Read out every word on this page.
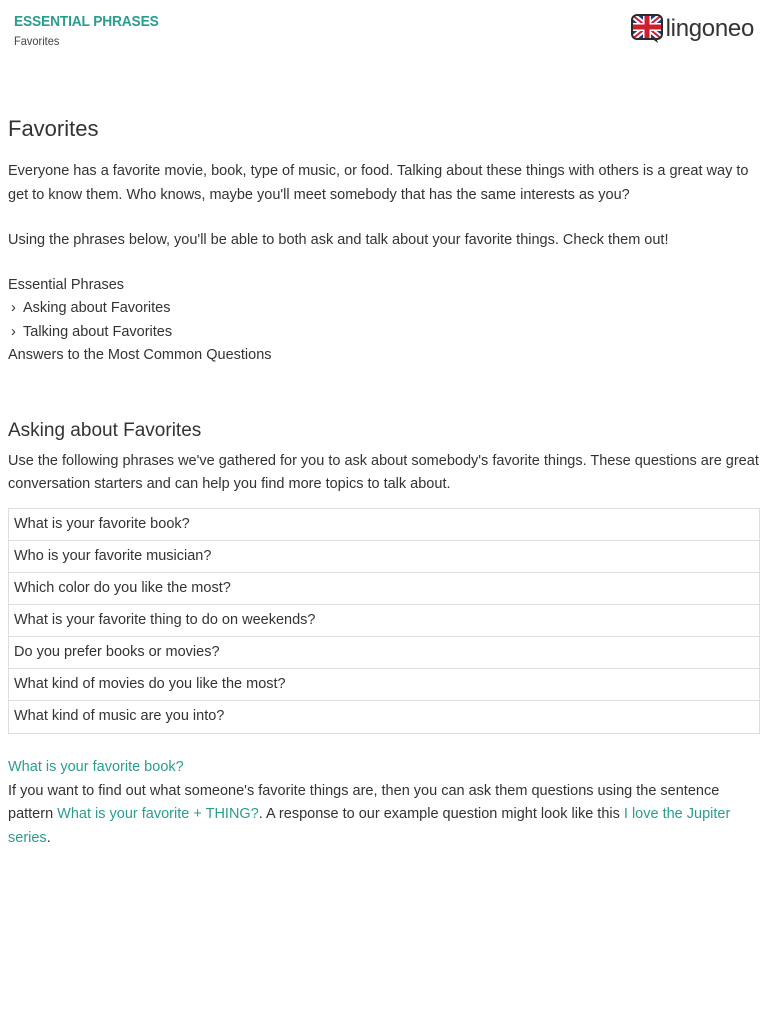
ESSENTIAL PHRASES
Favorites	lingoneo
Favorites

Everyone has a favorite movie, book, type of music, or food. Talking about these things with others is a great way to get to know them. Who knows, maybe you'll meet somebody that has the same interests as you?

Using the phrases below, you'll be able to both ask and talk about your favorite things. Check them out!

Essential Phrases
› Asking about Favorites
› Talking about Favorites
Answers to the Most Common Questions
Asking about Favorites

Use the following phrases we've gathered for you to ask about somebody's favorite things. These questions are great conversation starters and can help you find more topics to talk about.

What is your favorite book?
Who is your favorite musician?
Which color do you like the most?
What is your favorite thing to do on weekends?
Do you prefer books or movies?
What kind of movies do you like the most?
What kind of music are you into?
What is your favorite book?

If you want to find out what someone's favorite things are, then you can ask them questions using the sentence pattern What is your favorite + THING?. A response to our example question might look like this I love the Jupiter series.
